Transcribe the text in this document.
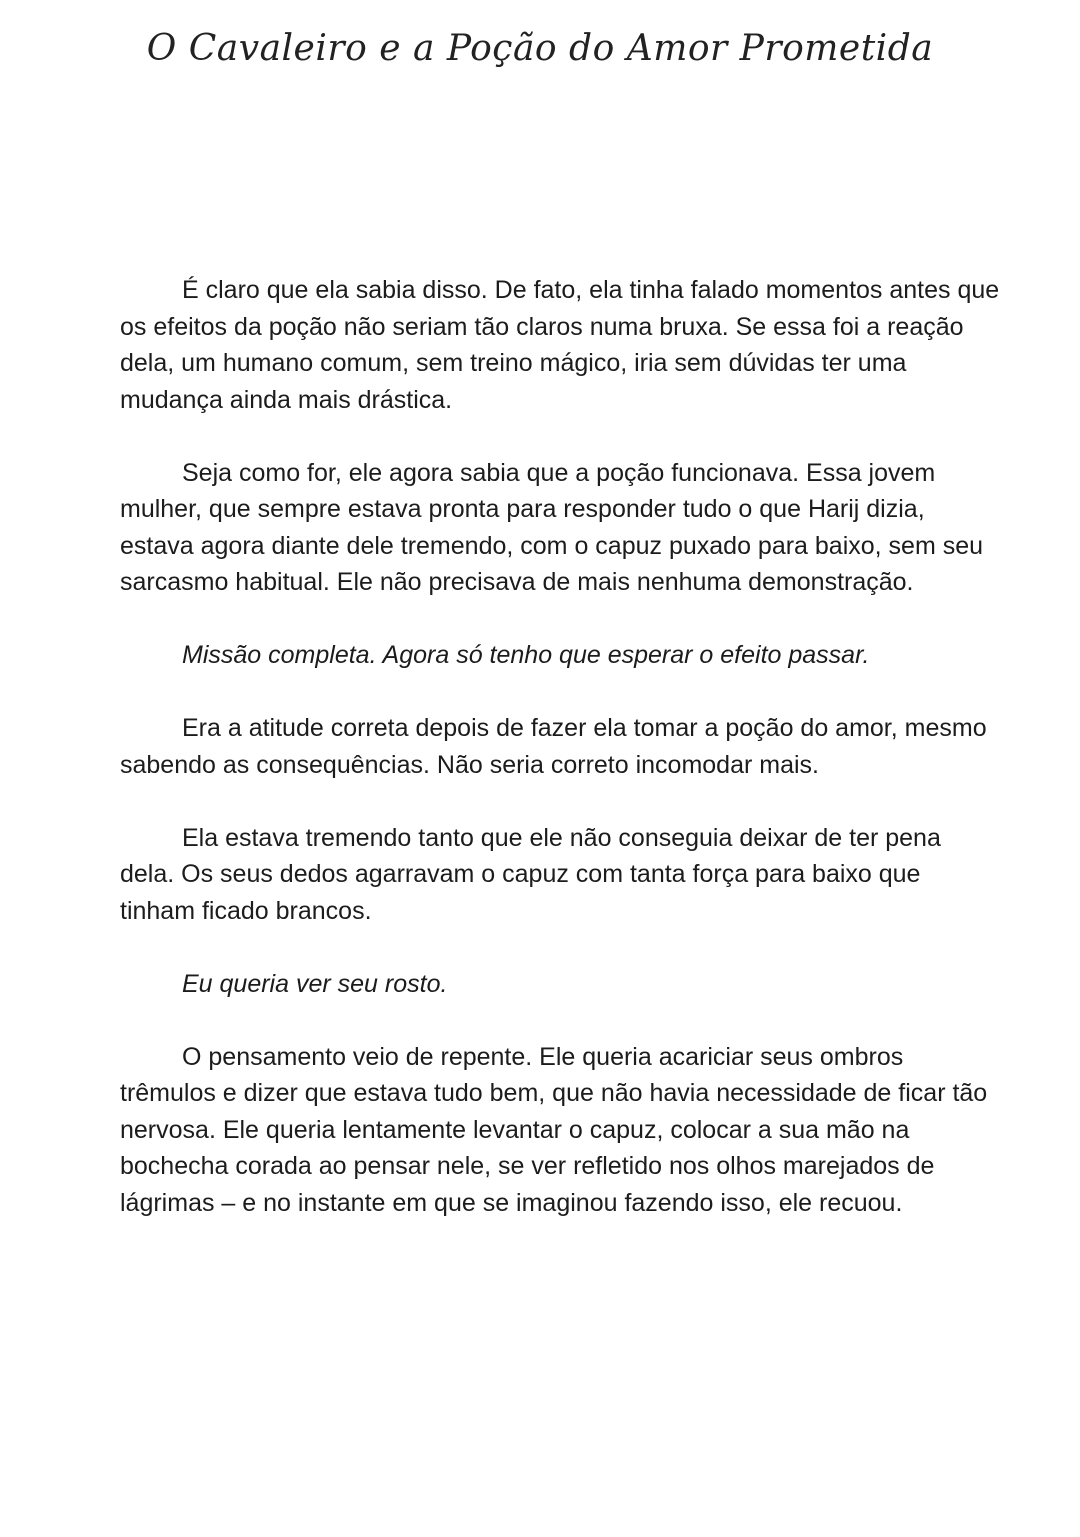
O Cavaleiro e a Poção do Amor Prometida

É claro que ela sabia disso. De fato, ela tinha falado momentos antes que os efeitos da poção não seriam tão claros numa bruxa. Se essa foi a reação dela, um humano comum, sem treino mágico, iria sem dúvidas ter uma mudança ainda mais drástica.

Seja como for, ele agora sabia que a poção funcionava. Essa jovem mulher, que sempre estava pronta para responder tudo o que Harij dizia, estava agora diante dele tremendo, com o capuz puxado para baixo, sem seu sarcasmo habitual. Ele não precisava de mais nenhuma demonstração.

Missão completa. Agora só tenho que esperar o efeito passar.

Era a atitude correta depois de fazer ela tomar a poção do amor, mesmo sabendo as consequências. Não seria correto incomodar mais.

Ela estava tremendo tanto que ele não conseguia deixar de ter pena dela. Os seus dedos agarravam o capuz com tanta força para baixo que tinham ficado brancos.

Eu queria ver seu rosto.

O pensamento veio de repente. Ele queria acariciar seus ombros trêmulos e dizer que estava tudo bem, que não havia necessidade de ficar tão nervosa. Ele queria lentamente levantar o capuz, colocar a sua mão na bochecha corada ao pensar nele, se ver refletido nos olhos marejados de lágrimas – e no instante em que se imaginou fazendo isso, ele recuou.
